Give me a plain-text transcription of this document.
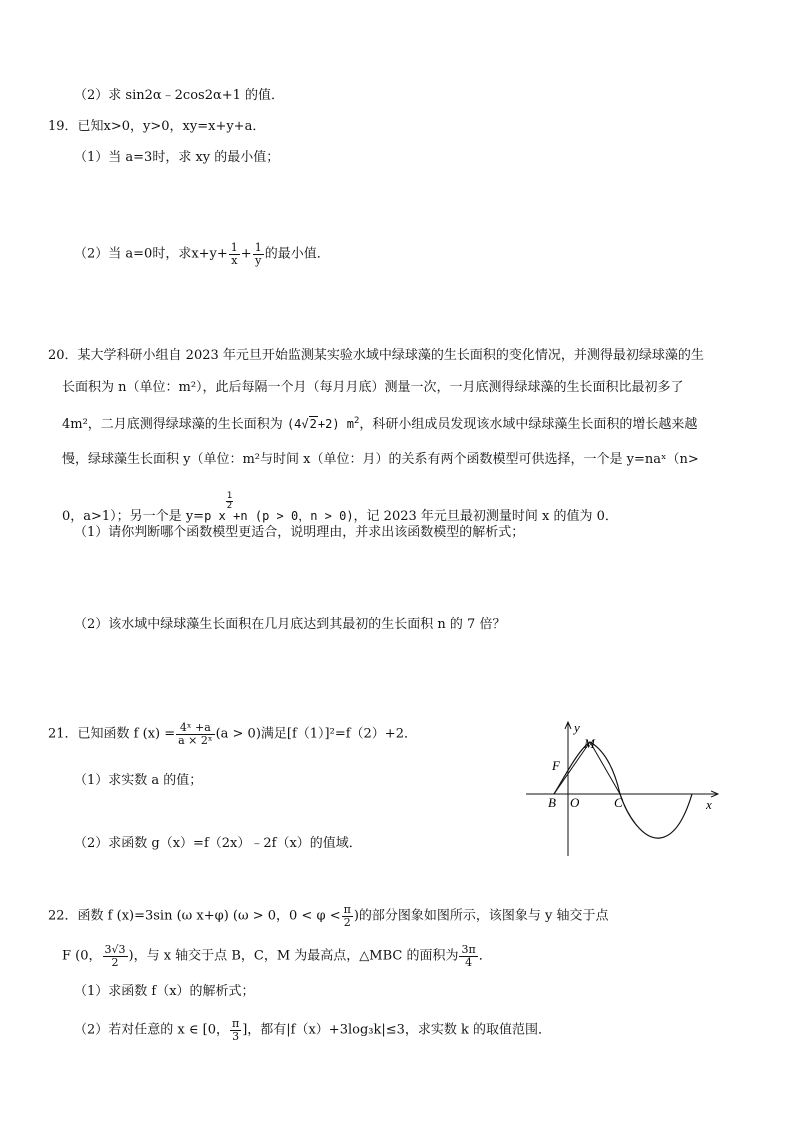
（2）求 sin2α﹣2cos2α+1 的值．
19．已知x>0，y>0，xy=x+y+a．
（1）当 a=3时，求 xy 的最小值；
（2）当 a=0时，求$x+y+ \frac{1}{x} + \frac{1}{y}$ 的最小值．
20．某大学科研小组自 2023 年元旦开始监测某实验水域中绿球藻的生长面积的变化情况，并测得最初绿球藻的生
长面积为 n（单位：m²），此后每隔一个月（每月月底）测量一次，一月底测得绿球藻的生长面积比最初多了
4m²，二月底测得绿球藻的生长面积为 (4√2+2) $m^2$，科研小组成员发现该水域中绿球藻生长面积的增长越来越
慢，绿球藻生长面积 y（单位：m²与时间 x（单位：月）的关系有两个函数模型可供选择，一个是 y=naˣ（n>
0，a>1）；另一个是 y=p x
$\frac{1}{2}$
+n (p > 0，n > 0)，记 2023 年元旦最初测量时间 x 的值为 0．
（1）请你判断哪个函数模型更适合，说明理由，并求出该函数模型的解析式；
（2）该水域中绿球藻生长面积在几月底达到其最初的生长面积 n 的 7 倍？
21．已知函数 f $(x) = \frac{\text{4ˣ +a}}{\text{a × 2ˣ}} (a > 0)$满足[f（1）]²=f（2）+2．
（1）求实数 a 的值；
（2）求函数 g（x）=f（2x）﹣2f（x）的值域．
y
x
M
F
B O	C
22．函数 f (x)=3sin (ω x+φ) (ω > 0，$0 < \varphi < \frac{\pi}{2}$ )的部分图象如图所示，该图象与 y 轴交于点
F (0， $\frac{3√3}{2}$ )，与 x 轴交于点 B，C，M 为最高点，△MBC 的面积为 $\frac{3\pi}{4}$ ．
（1）求函数 f（x）的解析式；
（2）若对任意的 x ∈ [0， $\frac{\pi}{3}$ ]，都有|f（x）+3log₃k|≤3，求实数 k 的取值范围．
